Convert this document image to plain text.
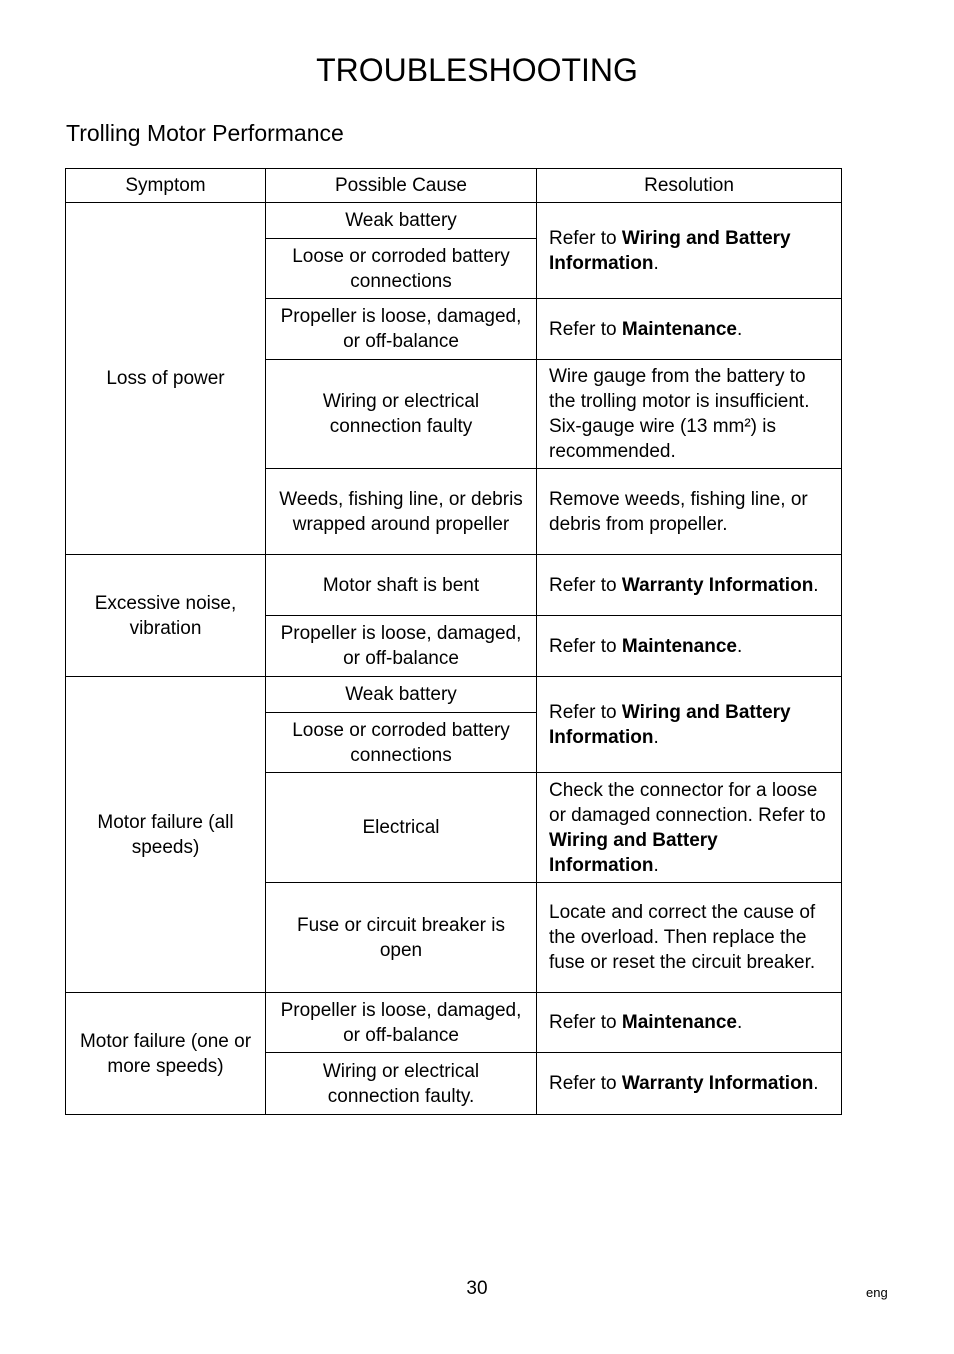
TROUBLESHOOTING
Trolling Motor Performance
Symptom	Possible Cause	Resolution
Loss of power	Weak battery	Refer to Wiring and Battery Information.
	Loose or corroded battery connections	
	Propeller is loose, damaged, or off-balance	Refer to Maintenance.
	Wiring or electrical connection faulty	Wire gauge from the battery to the trolling motor is insufficient. Six-gauge wire (13 mm²) is recommended.
	Weeds, fishing line, or debris wrapped around propeller	Remove weeds, fishing line, or debris from propeller.
Excessive noise, vibration	Motor shaft is bent	Refer to Warranty Information.
	Propeller is loose, damaged, or off-balance	Refer to Maintenance.
Motor failure (all speeds)	Weak battery	Refer to Wiring and Battery Information.
	Loose or corroded battery connections	
	Electrical	Check the connector for a loose or damaged connection. Refer to Wiring and Battery Information.
	Fuse or circuit breaker is open	Locate and correct the cause of the overload. Then replace the fuse or reset the circuit breaker.
Motor failure (one or more speeds)	Propeller is loose, damaged, or off-balance	Refer to Maintenance.
	Wiring or electrical connection faulty.	Refer to Warranty Information.
30	eng
